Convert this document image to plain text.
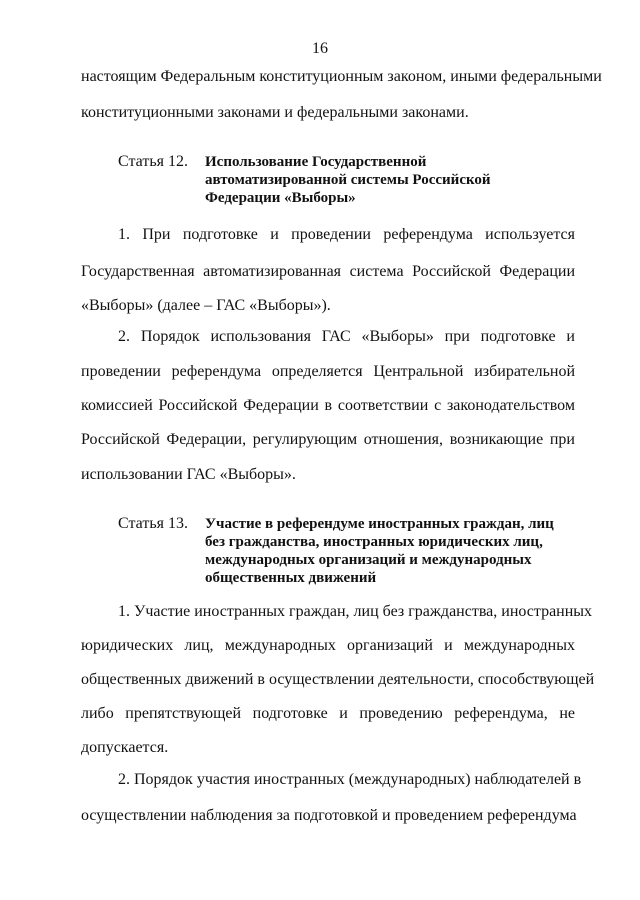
16
настоящим Федеральным конституционным законом, иными федеральными
конституционными законами и федеральными законами.
Статья 12. Использование Государственной
автоматизированной системы Российской
Федерации «Выборы»
1. При подготовке и проведении референдума используется
Государственная автоматизированная система Российской Федерации
«Выборы» (далее – ГАС «Выборы»).
2. Порядок использования ГАС «Выборы» при подготовке и
проведении референдума определяется Центральной избирательной
комиссией Российской Федерации в соответствии с законодательством
Российской Федерации, регулирующим отношения, возникающие при
использовании ГАС «Выборы».
Статья 13. Участие в референдуме иностранных граждан, лиц
без гражданства, иностранных юридических лиц,
международных организаций и международных
общественных движений
1. Участие иностранных граждан, лиц без гражданства, иностранных
юридических лиц, международных организаций и международных
общественных движений в осуществлении деятельности, способствующей
либо препятствующей подготовке и проведению референдума, не
допускается.
2. Порядок участия иностранных (международных) наблюдателей в
осуществлении наблюдения за подготовкой и проведением референдума
